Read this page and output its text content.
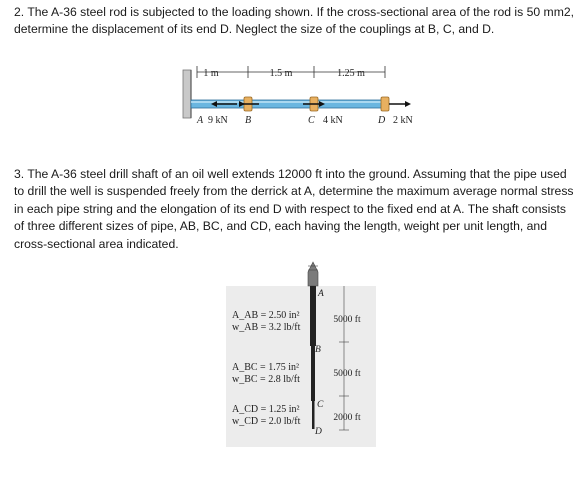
2. The A-36 steel rod is subjected to the loading shown. If the cross-sectional area of the rod is 50 mm2, determine the displacement of its end D. Neglect the size of the couplings at B, C, and D.
1 m	1.5 m	1.25 m
A 9 kN B	C 4 kN	D 2 kN
3. The A-36 steel drill shaft of an oil well extends 12000 ft into the ground. Assuming that the pipe used to drill the well is suspended freely from the derrick at A, determine the maximum average normal stress in each pipe string and the elongation of its end D with respect to the fixed end at A. The shaft consists of three different sizes of pipe, AB, BC, and CD, each having the length, weight per unit length, and cross-sectional area indicated.
A
B
C
D
5000 ft
5000 ft
2000 ft
A_AB = 2.50 in²
w_AB = 3.2 lb/ft
A_BC = 1.75 in²
w_BC = 2.8 lb/ft
A_CD = 1.25 in²
w_CD = 2.0 lb/ft
